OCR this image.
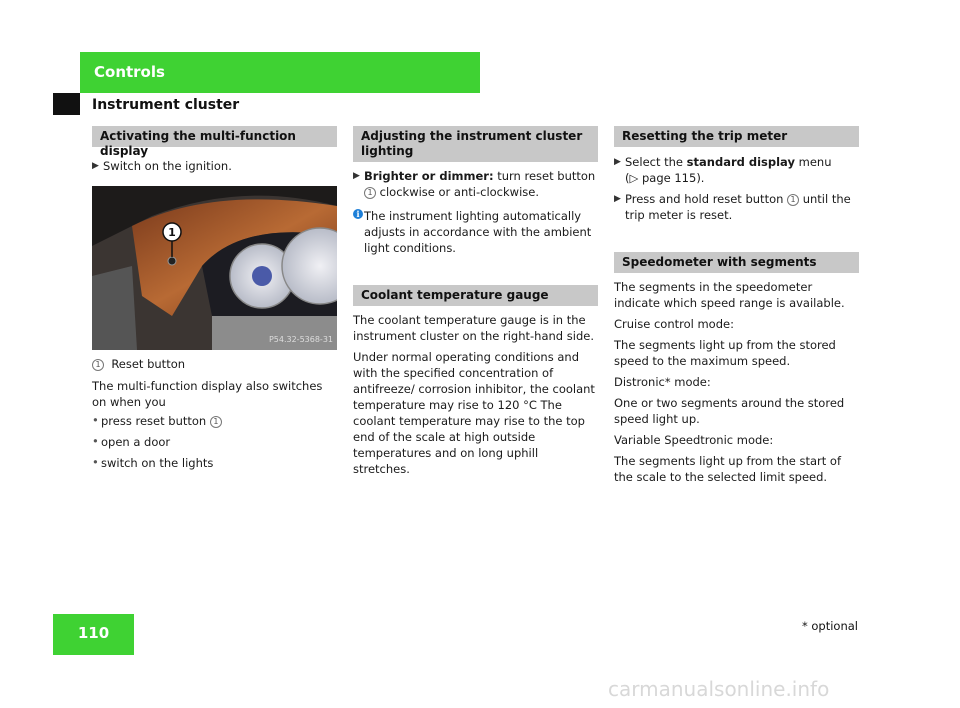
Controls
Instrument cluster
Activating the multi-function display

▶ Switch on the ignition.

1
P54.32-5368-31

1 Reset button

The multi-function display also switches on when you

• press reset button 1

• open a door

• switch on the lights

Adjusting the instrument cluster lighting

▶ Brighter or dimmer: turn reset button
1 clockwise or anti-clockwise.

i The instrument lighting automatically adjusts in accordance with the ambient light conditions.

Coolant temperature gauge

The coolant temperature gauge is in the instrument cluster on the right-hand side.

Under normal operating conditions and with the specified concentration of antifreeze/ corrosion inhibitor, the coolant temperature may rise to 120 °C The coolant temperature may rise to the top end of the scale at high outside temperatures and on long uphill stretches.

Resetting the trip meter

▶ Select the standard display menu
(▷ page 115).

▶ Press and hold reset button 1 until the trip meter is reset.

Speedometer with segments

The segments in the speedometer indicate which speed range is available.

Cruise control mode:

The segments light up from the stored speed to the maximum speed.

Distronic* mode:

One or two segments around the stored speed light up.

Variable Speedtronic mode:

The segments light up from the start of the scale to the selected limit speed.

110	* optional
carmanualsonline.info
